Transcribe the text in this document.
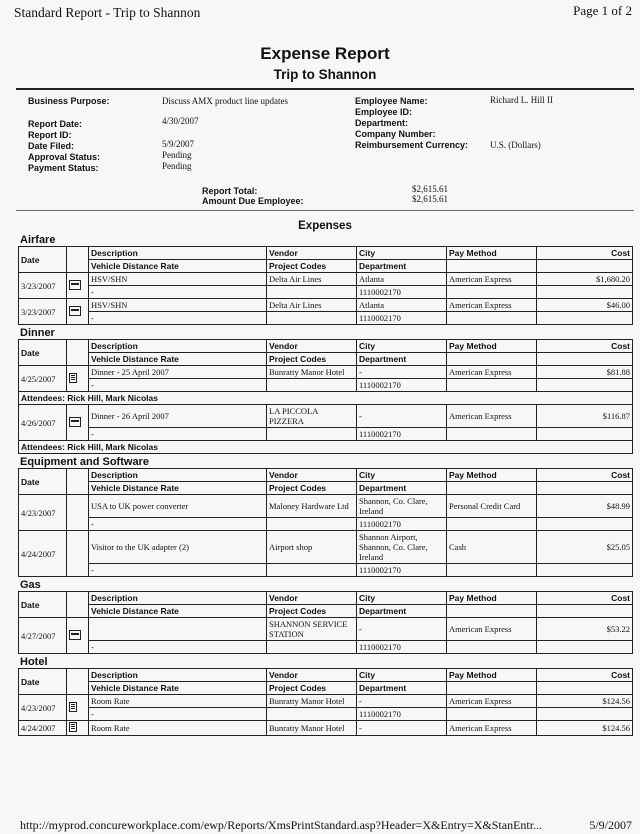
Standard Report - Trip to Shannon	Page 1 of 2
Expense Report
Trip to Shannon
Business Purpose:	Discuss AMX product line updates
Report Date:	4/30/2007
Report ID:
Date Filed:	5/9/2007
Approval Status:	Pending
Payment Status:	Pending
Employee Name:	Richard L. Hill II
Employee ID:
Department:
Company Number:
Reimbursement Currency: U.S. (Dollars)
Report Total:	$2,615.61
Amount Due Employee:	$2,615.61
Expenses
Airfare
Date		Description	Vendor	City	Pay Method	Cost
		Vehicle Distance Rate	Project Codes	Department		
3/23/2007		HSV/SHN	Delta Air Lines	Atlanta	American Express	$1,680.20
		-		1110002170		
3/23/2007		HSV/SHN	Delta Air Lines	Atlanta	American Express	$46.00
		-		1110002170		
Dinner
Date		Description	Vendor	City	Pay Method	Cost
		Vehicle Distance Rate	Project Codes	Department		
4/25/2007		Dinner - 25 April 2007	Bunratty Manor Hotel	-	American Express	$81.88
		-		1110002170		
Attendees: Rick Hill, Mark Nicolas						
4/26/2007		Dinner - 26 April 2007	LA PICCOLA PIZZERA	-	American Express	$116.87
		-		1110002170		
Attendees: Rick Hill, Mark Nicolas						
Equipment and Software
Date		Description	Vendor	City	Pay Method	Cost
		Vehicle Distance Rate	Project Codes	Department		
4/23/2007		USA to UK power converter	Maloney Hardware Ltd	Shannon, Co. Clare, Ireland	Personal Credit Card	$48.99
		-		1110002170		
4/24/2007		Visitor to the UK adapter (2)	Airport shop	Shannon Airport, Shannon, Co. Clare, Ireland	Cash	$25.05
		-		1110002170		
Gas
Date		Description	Vendor	City	Pay Method	Cost
		Vehicle Distance Rate	Project Codes	Department		
4/27/2007			SHANNON SERVICE STATION	-	American Express	$53.22
		-		1110002170		
Hotel
Date		Description	Vendor	City	Pay Method	Cost
		Vehicle Distance Rate	Project Codes	Department		
4/23/2007		Room Rate	Bunratty Manor Hotel	-	American Express	$124.56
		-		1110002170		
4/24/2007		Room Rate	Bunratty Manor Hotel	-	American Express	$124.56
http://myprod.concureworkplace.com/ewp/Reports/XmsPrintStandard.asp?Header=X&Entry=X&StanEntr...	5/9/2007
